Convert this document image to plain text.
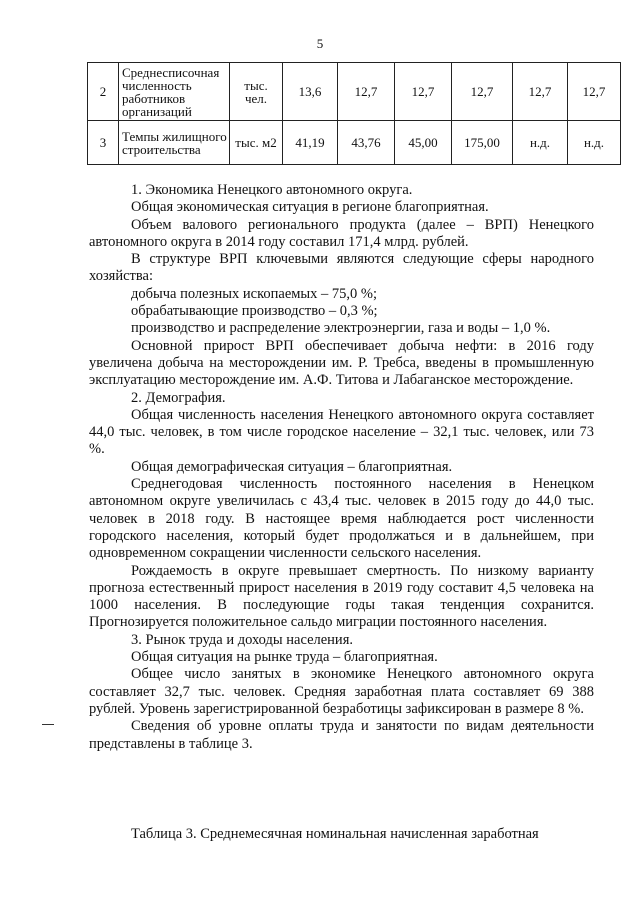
5
2	Среднесписочная численность работников организаций	тыс. чел.	13,6	12,7	12,7	12,7	12,7	12,7
3	Темпы жилищного строительства	тыс. м2	41,19	43,76	45,00	175,00	н.д.	н.д.

1. Экономика Ненецкого автономного округа.

Общая экономическая ситуация в регионе благоприятная.

Объем валового регионального продукта (далее – ВРП) Ненецкого автономного округа в 2014 году составил 171,4 млрд. рублей.

В структуре ВРП ключевыми являются следующие сферы народного хозяйства:

добыча полезных ископаемых – 75,0 %;

обрабатывающие производство – 0,3 %;

производство и распределение электроэнергии, газа и воды – 1,0 %.

Основной прирост ВРП обеспечивает добыча нефти: в 2016 году увеличена добыча на месторождении им. Р. Требса, введены в промышленную эксплуатацию месторождение им. А.Ф. Титова и Лабаганское месторождение.

2. Демография.

Общая численность населения Ненецкого автономного округа составляет 44,0 тыс. человек, в том числе городское население – 32,1 тыс. человек, или 73 %.

Общая демографическая ситуация – благоприятная.

Среднегодовая численность постоянного населения в Ненецком автономном округе увеличилась с 43,4 тыс. человек в 2015 году до 44,0 тыс. человек в 2018 году. В настоящее время наблюдается рост численности городского населения, который будет продолжаться и в дальнейшем, при одновременном сокращении численности сельского населения.

Рождаемость в округе превышает смертность. По низкому варианту прогноза естественный прирост населения в 2019 году составит 4,5 человека на 1000 населения. В последующие годы такая тенденция сохранится. Прогнозируется положительное сальдо миграции постоянного населения.

3. Рынок труда и доходы населения.

Общая ситуация на рынке труда – благоприятная.

Общее число занятых в экономике Ненецкого автономного округа составляет 32,7 тыс. человек. Средняя заработная плата составляет 69 388 рублей. Уровень зарегистрированной безработицы зафиксирован в размере 8 %.

Сведения об уровне оплаты труда и занятости по видам деятельности представлены в таблице 3.

Таблица 3. Среднемесячная номинальная начисленная заработная
